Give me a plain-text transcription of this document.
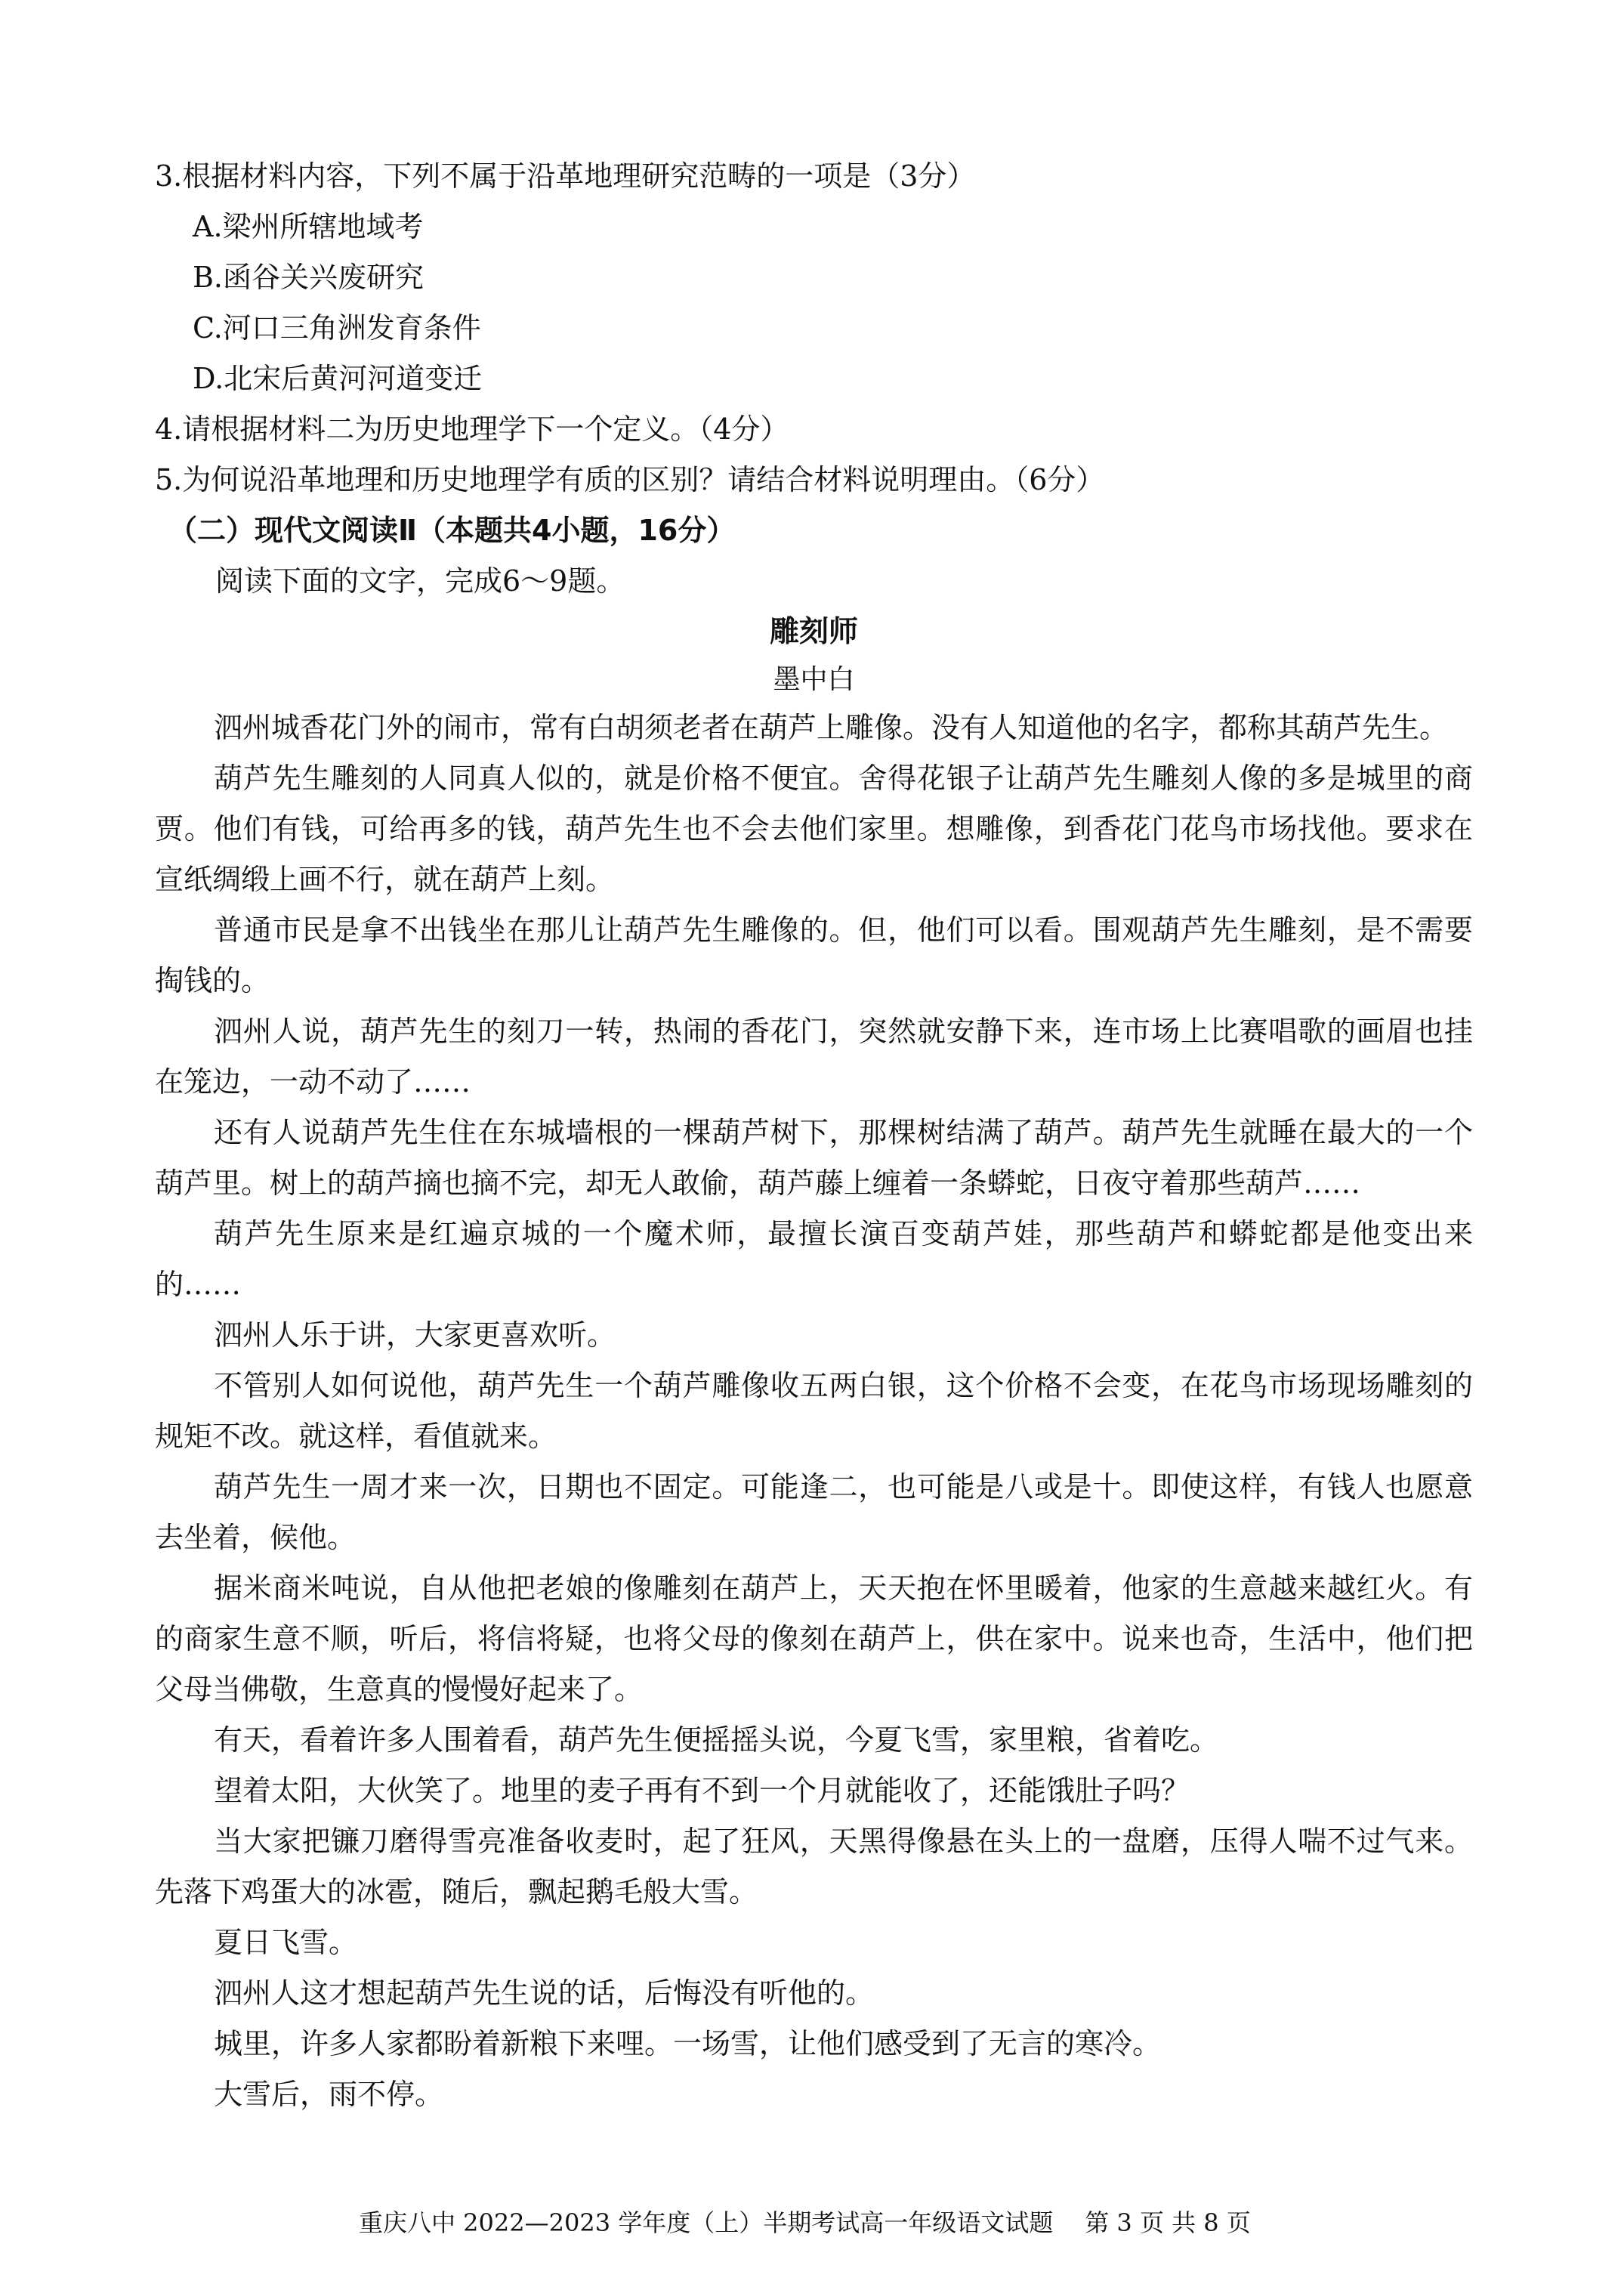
3.根据材料内容，下列不属于沿革地理研究范畴的一项是（3分）
A.梁州所辖地域考
B.函谷关兴废研究
C.河口三角洲发育条件
D.北宋后黄河河道变迁
4.请根据材料二为历史地理学下一个定义。（4分）
5.为何说沿革地理和历史地理学有质的区别？请结合材料说明理由。（6分）
（二）现代文阅读Ⅱ（本题共4小题，16分）
阅读下面的文字，完成6～9题。
雕刻师
墨中白

泗州城香花门外的闹市，常有白胡须老者在葫芦上雕像。没有人知道他的名字，都称其葫芦先生。

葫芦先生雕刻的人同真人似的，就是价格不便宜。舍得花银子让葫芦先生雕刻人像的多是城里的商贾。他们有钱，可给再多的钱，葫芦先生也不会去他们家里。想雕像，到香花门花鸟市场找他。要求在宣纸绸缎上画不行，就在葫芦上刻。

普通市民是拿不出钱坐在那儿让葫芦先生雕像的。但，他们可以看。围观葫芦先生雕刻，是不需要掏钱的。

泗州人说，葫芦先生的刻刀一转，热闹的香花门，突然就安静下来，连市场上比赛唱歌的画眉也挂在笼边，一动不动了……

还有人说葫芦先生住在东城墙根的一棵葫芦树下，那棵树结满了葫芦。葫芦先生就睡在最大的一个葫芦里。树上的葫芦摘也摘不完，却无人敢偷，葫芦藤上缠着一条蟒蛇，日夜守着那些葫芦……

葫芦先生原来是红遍京城的一个魔术师，最擅长演百变葫芦娃，那些葫芦和蟒蛇都是他变出来的……

泗州人乐于讲，大家更喜欢听。

不管别人如何说他，葫芦先生一个葫芦雕像收五两白银，这个价格不会变，在花鸟市场现场雕刻的规矩不改。就这样，看值就来。

葫芦先生一周才来一次，日期也不固定。可能逢二，也可能是八或是十。即使这样，有钱人也愿意去坐着，候他。

据米商米吨说，自从他把老娘的像雕刻在葫芦上，天天抱在怀里暖着，他家的生意越来越红火。有的商家生意不顺，听后，将信将疑，也将父母的像刻在葫芦上，供在家中。说来也奇，生活中，他们把父母当佛敬，生意真的慢慢好起来了。

有天，看着许多人围着看，葫芦先生便摇摇头说，今夏飞雪，家里粮，省着吃。

望着太阳，大伙笑了。地里的麦子再有不到一个月就能收了，还能饿肚子吗？

当大家把镰刀磨得雪亮准备收麦时，起了狂风，天黑得像悬在头上的一盘磨，压得人喘不过气来。先落下鸡蛋大的冰雹，随后，飘起鹅毛般大雪。

夏日飞雪。

泗州人这才想起葫芦先生说的话，后悔没有听他的。

城里，许多人家都盼着新粮下来哩。一场雪，让他们感受到了无言的寒冷。

大雪后，雨不停。

重庆八中 2022—2023 学年度（上）半期考试高一年级语文试题 第 3 页 共 8 页
